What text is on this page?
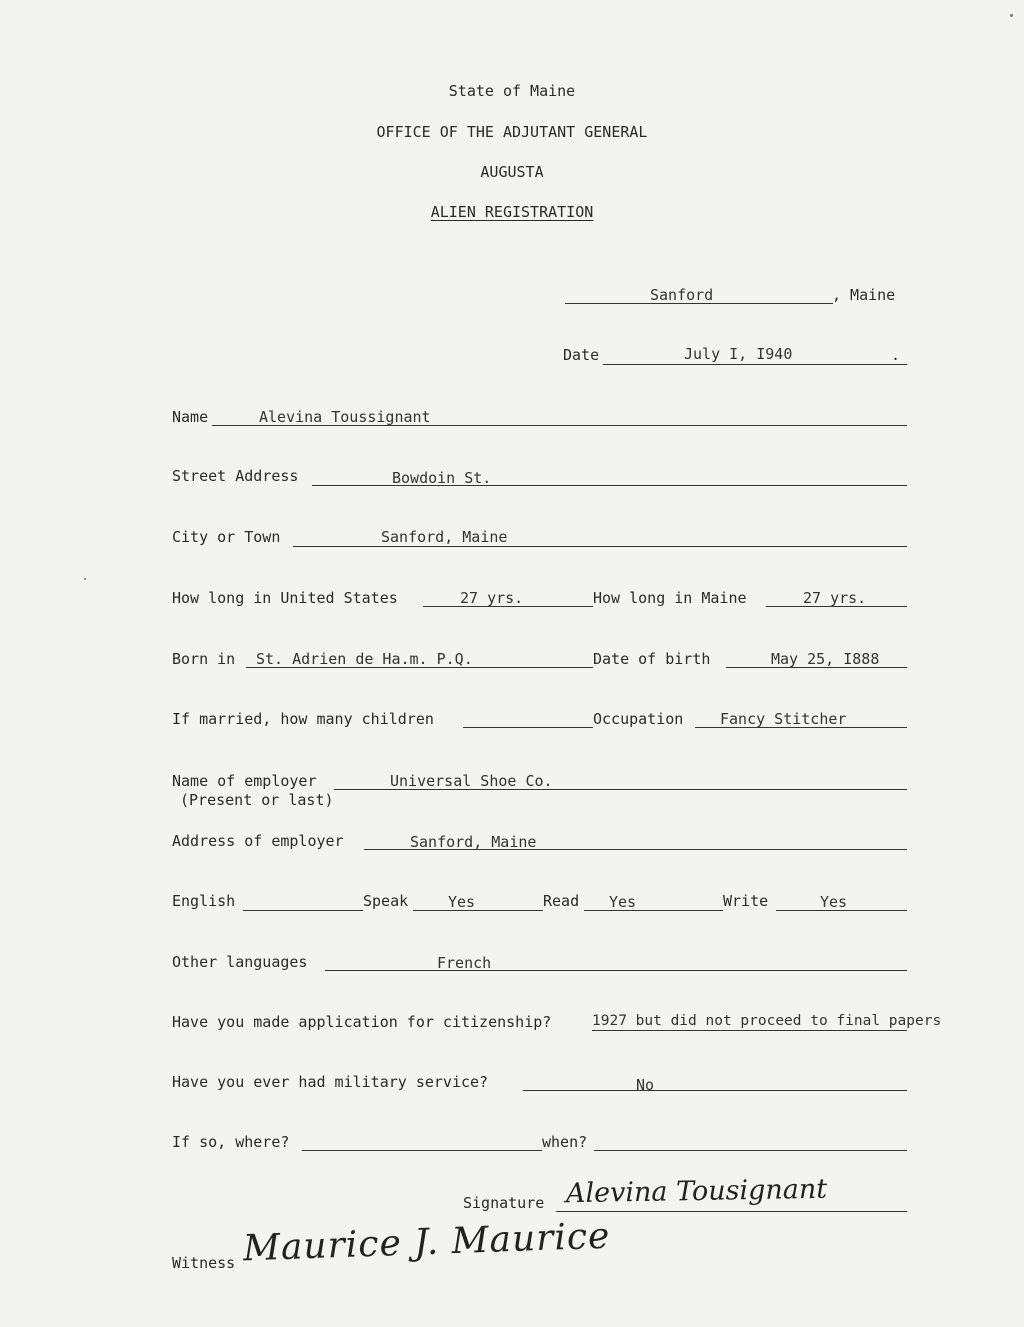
State of Maine
OFFICE OF THE ADJUTANT GENERAL
AUGUSTA
ALIEN REGISTRATION
Sanford	, Maine
Date	July I, I940	.
Name	Alevina Toussignant
Street Address	Bowdoin St.
City or Town	Sanford, Maine
How long in United States	27 yrs.	How long in Maine	27 yrs.
Born in St. Adrien de Ha.m. P.Q.	Date of birth	May 25, I888
If married, how many children	Occupation Fancy Stitcher
Name of employer	Universal Shoe Co.
(Present or last)
Address of employer	Sanford, Maine
English	Speak	Yes	Read Yes	Write	Yes
Other languages	French
Have you made application for citizenship?	1927 but did not proceed to final papers
Have you ever had military service?	No
If so, where?	when?
Signature Alevina Tousignant
Witness Maurice J. Maurice
